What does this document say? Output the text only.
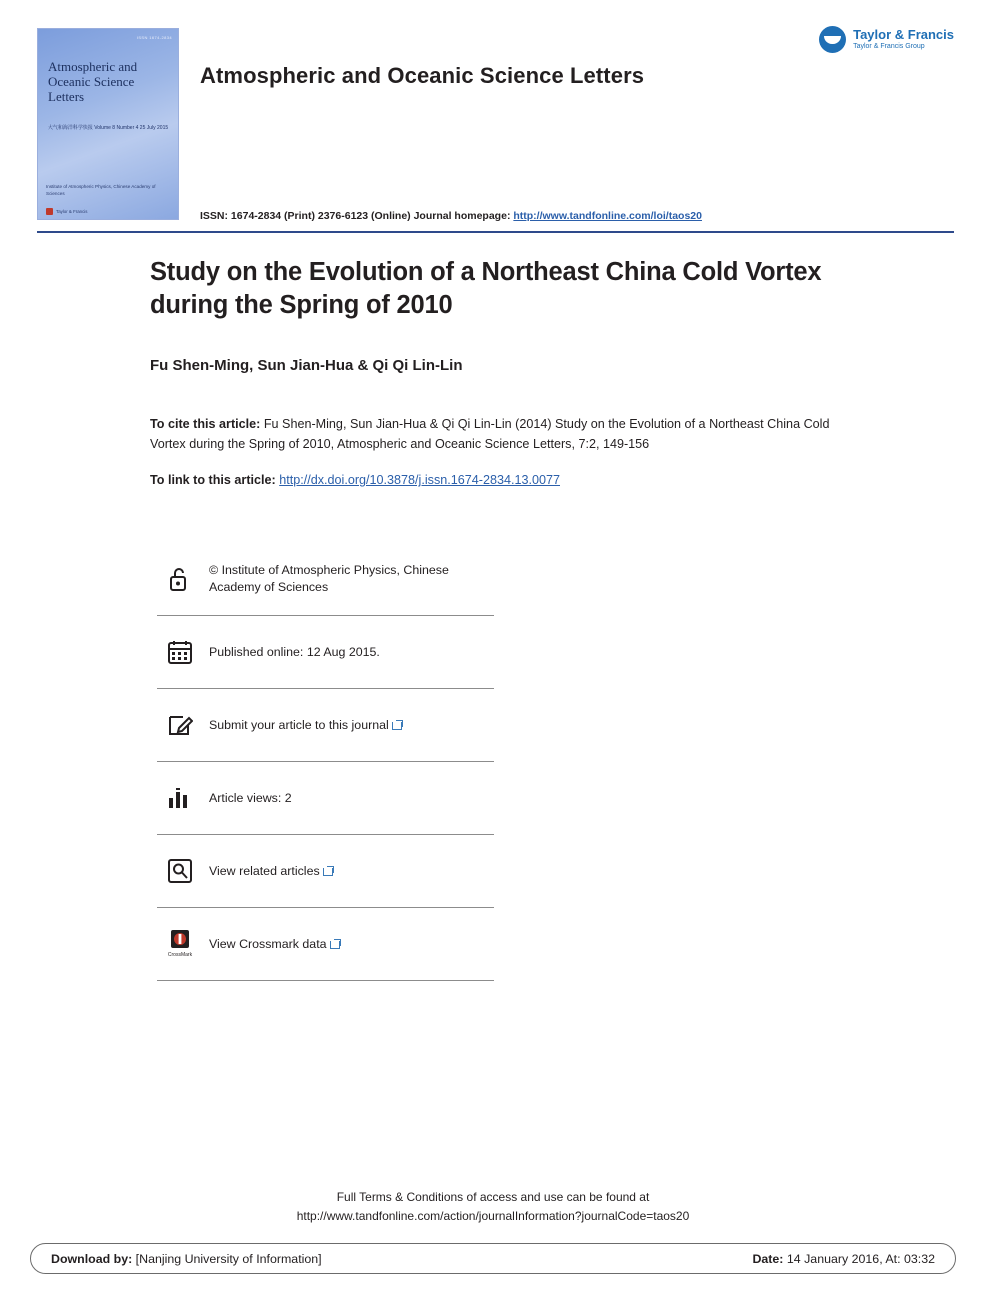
ISSN 1674-2834
Atmospheric and Oceanic Science Letters
大气和海洋科学快报 Volume 8 Number 4 25 July 2015
Institute of Atmospheric Physics, Chinese Academy of Sciences
Taylor & Francis
Atmospheric and Oceanic Science Letters
Taylor & Francis
Taylor & Francis Group
ISSN: 1674-2834 (Print) 2376-6123 (Online) Journal homepage: http://www.tandfonline.com/loi/taos20
Study on the Evolution of a Northeast China Cold Vortex during the Spring of 2010
Fu Shen-Ming, Sun Jian-Hua & Qi Qi Lin-Lin
To cite this article: Fu Shen-Ming, Sun Jian-Hua & Qi Qi Lin-Lin (2014) Study on the Evolution of a Northeast China Cold Vortex during the Spring of 2010, Atmospheric and Oceanic Science Letters, 7:2, 149-156
To link to this article: http://dx.doi.org/10.3878/j.issn.1674-2834.13.0077
© Institute of Atmospheric Physics, Chinese Academy of Sciences
Published online: 12 Aug 2015.
Submit your article to this journal
Article views: 2
View related articles
CrossMark
View Crossmark data
Full Terms & Conditions of access and use can be found at
http://www.tandfonline.com/action/journalInformation?journalCode=taos20
Download by: [Nanjing University of Information]	Date: 14 January 2016, At: 03:32
